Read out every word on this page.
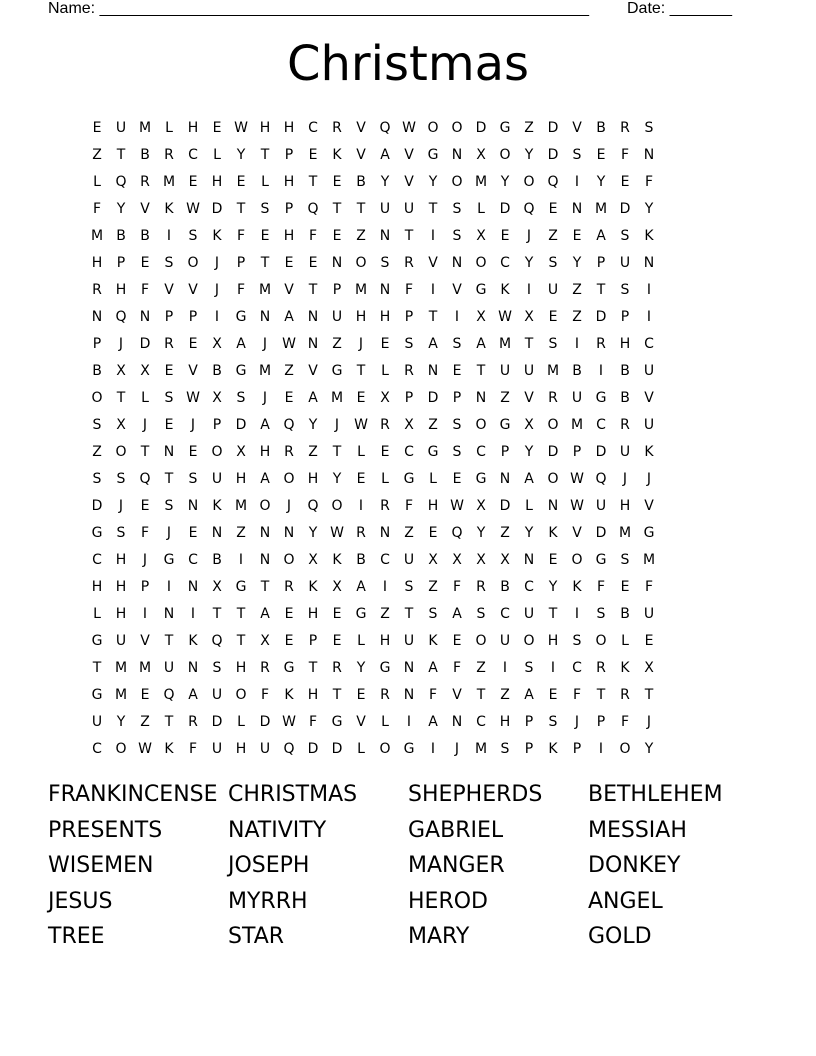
Name: _______________________________________________________ Date: _______
Christmas
E	U M	L	H	E W H H C	R	V Q W O O D G Z D V	B	R	S
Z	T	B	R	C	L	Y	T	P	E	K	V	A	V G N X O	Y	D	S	E	F	N
L	Q R M E	H	E	L	H	T	E	B	Y	V	Y	O M Y	O Q	I	Y	E	F
F	Y	V	K W D	T	S	P	Q	T	T	U U	T	S	L	D Q	E	N M D	Y
M B	B	I	S	K	F	E	H	F	E	Z N	T	I	S	X	E	J	Z	E	A	S	K
H	P	E	S	O	J	P	T	E	E	N O	S	R	V N O C	Y	S	Y	P	U N
R H	F	V	V	J	F M V	T	P M N	F	I	V G K	I	U	Z	T	S	I
N Q N	P	P	I	G N A N U H H	P	T	I	X W X	E	Z D	P	I
P	J	D R	E	X	A	J	W N Z	J	E	S	A	S	A M T	S	I	R H C
B	X	X	E	V	B G M Z	V G	T	L	R N	E	T	U U M B	I	B	U
O	T	L	S W X	S	J	E	A M E	X	P	D	P	N Z	V	R	U G B	V
S	X	J	E	J	P	D A Q	Y	J	W R	X	Z	S	O G X O M C	R	U
Z O	T	N	E	O X H R	Z	T	L	E	C G	S	C	P	Y	D	P	D U	K
S	S	Q	T	S	U H A O H	Y	E	L	G	L	E	G N A O W Q	J	J
D	J	E	S	N	K M O	J	Q O	I	R	F	H W X D	L	N W U H V
G	S	F	J	E	N Z N N	Y W R N Z	E	Q	Y	Z	Y	K	V D M G
C H	J	G C	B	I	N O X	K	B	C U	X	X	X	X N	E	O G	S M
H H	P	I	N X G	T	R	K	X	A	I	S	Z	F	R	B	C	Y	K	F	E	F
L	H	I	N	I	T	T	A	E	H	E	G Z	T	S	A	S	C U	T	I	S	B	U
G U	V	T	K Q	T	X	E	P	E	L	H U	K	E	O U O H	S	O	L	E
T M M U N	S	H R G	T	R	Y	G N A	F	Z	I	S	I	C	R	K	X
G M E	Q A	U O	F	K	H	T	E	R N	F	V	T	Z	A	E	F	T	R	T
U	Y	Z	T	R D	L	D W F	G V	L	I	A N C H	P	S	J	P	F	J
C O W K	F	U H U Q D D	L	O G	I	J	M S	P	K	P	I	O	Y
FRANKINCENSE CHRISTMAS	SHEPHERDS	BETHLEHEM
PRESENTS	NATIVITY	GABRIEL	MESSIAH
WISEMEN	JOSEPH	MANGER	DONKEY
JESUS	MYRRH	HEROD	ANGEL
TREE	STAR	MARY	GOLD
